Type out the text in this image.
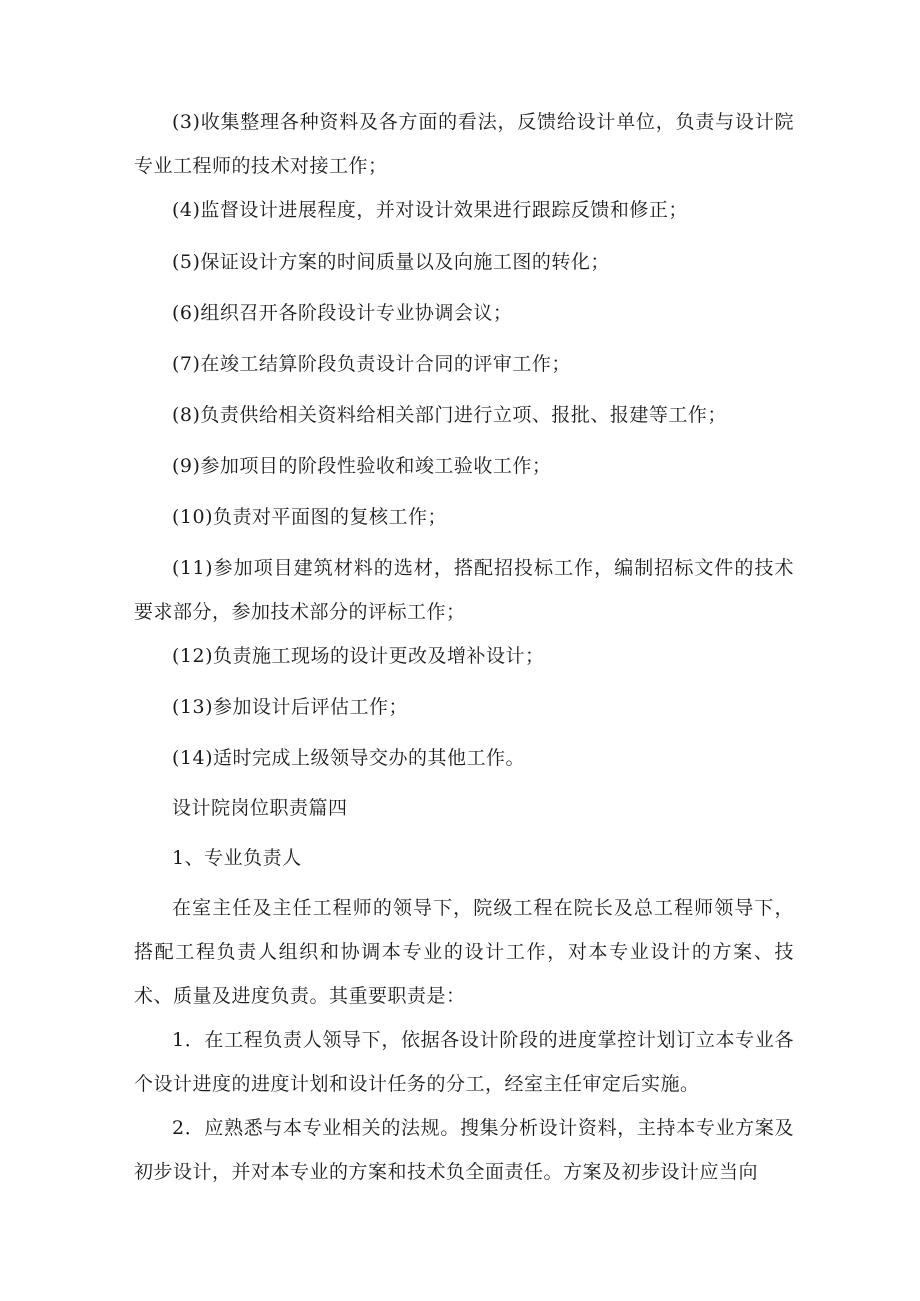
(3)收集整理各种资料及各方面的看法，反馈给设计单位，负责与设计院专业工程师的技术对接工作；

(4)监督设计进展程度，并对设计效果进行跟踪反馈和修正；

(5)保证设计方案的时间质量以及向施工图的转化；

(6)组织召开各阶段设计专业协调会议；

(7)在竣工结算阶段负责设计合同的评审工作；

(8)负责供给相关资料给相关部门进行立项、报批、报建等工作；

(9)参加项目的阶段性验收和竣工验收工作；

(10)负责对平面图的复核工作；

(11)参加项目建筑材料的选材，搭配招投标工作，编制招标文件的技术要求部分，参加技术部分的评标工作；

(12)负责施工现场的设计更改及增补设计；

(13)参加设计后评估工作；

(14)适时完成上级领导交办的其他工作。

设计院岗位职责篇四

1、专业负责人

在室主任及主任工程师的领导下，院级工程在院长及总工程师领导下，搭配工程负责人组织和协调本专业的设计工作，对本专业设计的方案、技术、质量及进度负责。其重要职责是：

1．在工程负责人领导下，依据各设计阶段的进度掌控计划订立本专业各个设计进度的进度计划和设计任务的分工，经室主任审定后实施。

2．应熟悉与本专业相关的法规。搜集分析设计资料，主持本专业方案及初步设计，并对本专业的方案和技术负全面责任。方案及初步设计应当向
